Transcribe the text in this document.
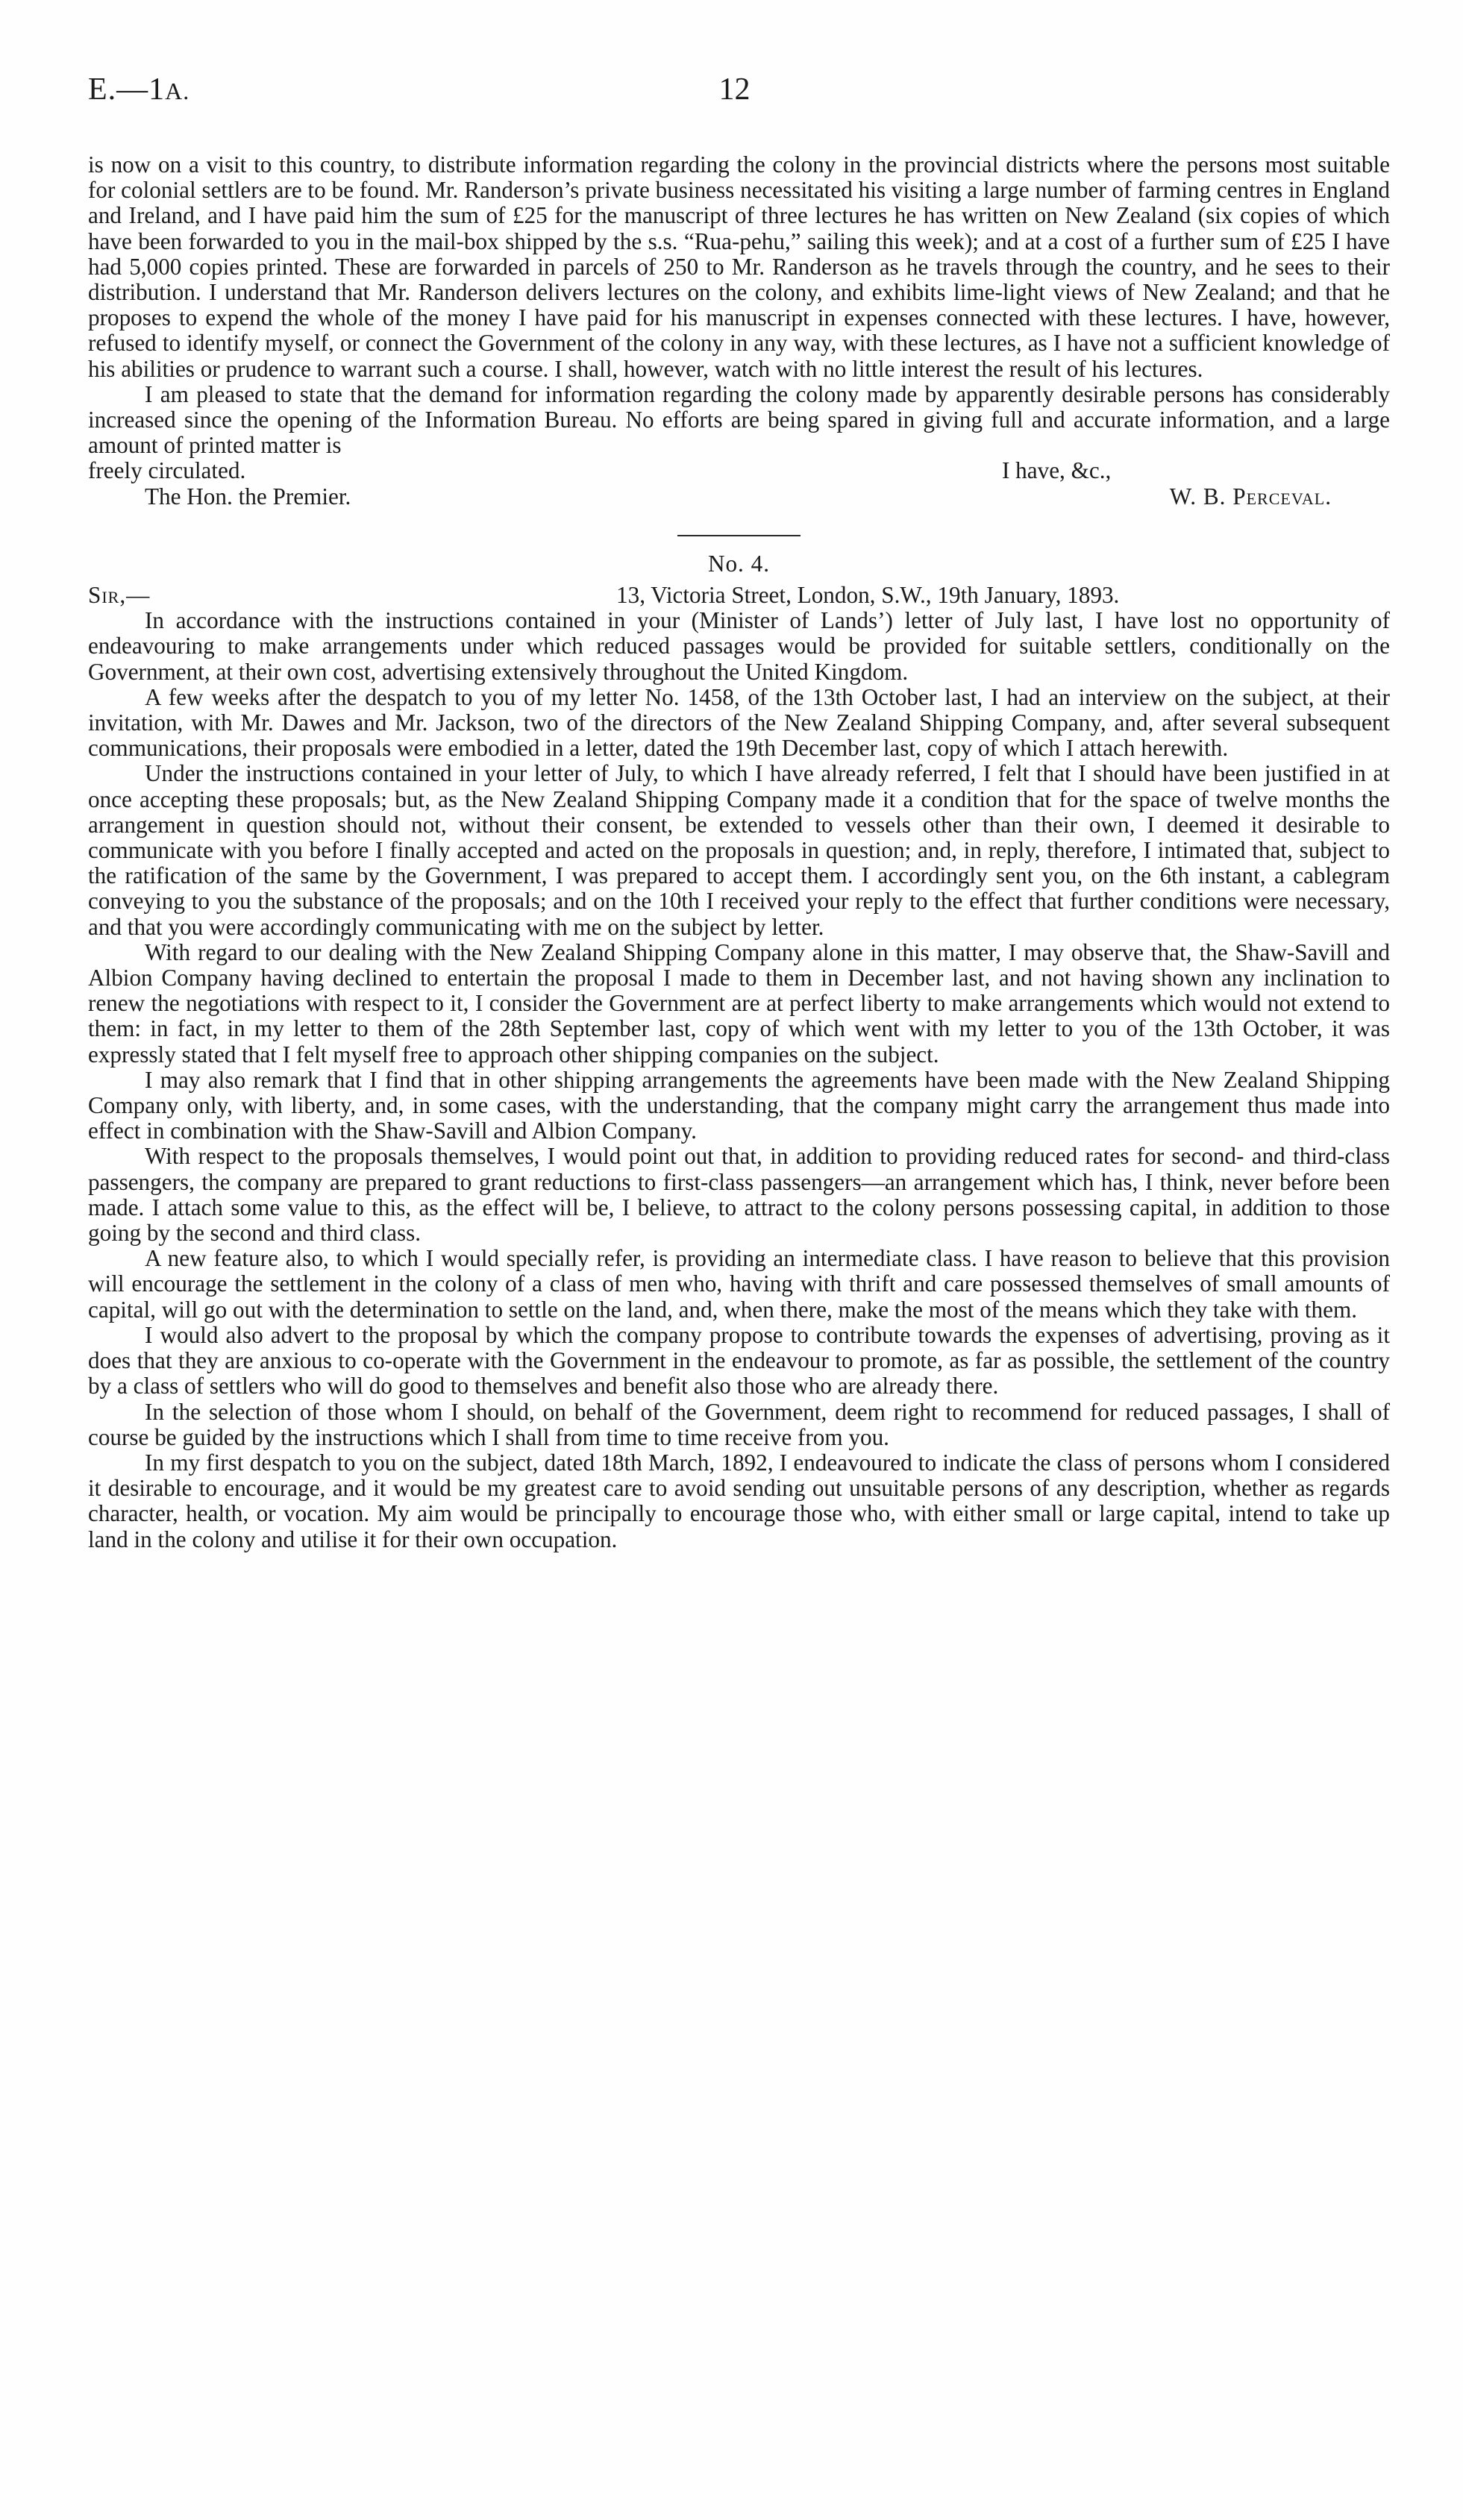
E.—1A.	12

is now on a visit to this country, to distribute information regarding the colony in the provincial districts where the persons most suitable for colonial settlers are to be found. Mr. Randerson’s private business necessitated his visiting a large number of farming centres in England and Ireland, and I have paid him the sum of £25 for the manuscript of three lectures he has written on New Zealand (six copies of which have been forwarded to you in the mail-box shipped by the s.s. “Rua-pehu,” sailing this week); and at a cost of a further sum of £25 I have had 5,000 copies printed. These are forwarded in parcels of 250 to Mr. Randerson as he travels through the country, and he sees to their distribution. I understand that Mr. Randerson delivers lectures on the colony, and exhibits lime-light views of New Zealand; and that he proposes to expend the whole of the money I have paid for his manuscript in expenses connected with these lectures. I have, however, refused to identify myself, or connect the Government of the colony in any way, with these lectures, as I have not a sufficient knowledge of his abilities or prudence to warrant such a course. I shall, however, watch with no little interest the result of his lectures.

I am pleased to state that the demand for information regarding the colony made by apparently desirable persons has considerably increased since the opening of the Information Bureau. No efforts are being spared in giving full and accurate information, and a large amount of printed matter is

freely circulated.	I have, &c.,
The Hon. the Premier.	W. B. Perceval.
No. 4.
Sir,—	13, Victoria Street, London, S.W., 19th January, 1893.

In accordance with the instructions contained in your (Minister of Lands’) letter of July last, I have lost no opportunity of endeavouring to make arrangements under which reduced passages would be provided for suitable settlers, conditionally on the Government, at their own cost, advertising extensively throughout the United Kingdom.

A few weeks after the despatch to you of my letter No. 1458, of the 13th October last, I had an interview on the subject, at their invitation, with Mr. Dawes and Mr. Jackson, two of the directors of the New Zealand Shipping Company, and, after several subsequent communications, their proposals were embodied in a letter, dated the 19th December last, copy of which I attach herewith.

Under the instructions contained in your letter of July, to which I have already referred, I felt that I should have been justified in at once accepting these proposals; but, as the New Zealand Shipping Company made it a condition that for the space of twelve months the arrangement in question should not, without their consent, be extended to vessels other than their own, I deemed it desirable to communicate with you before I finally accepted and acted on the proposals in question; and, in reply, therefore, I intimated that, subject to the ratification of the same by the Government, I was prepared to accept them. I accordingly sent you, on the 6th instant, a cablegram conveying to you the substance of the proposals; and on the 10th I received your reply to the effect that further conditions were necessary, and that you were accordingly communicating with me on the subject by letter.

With regard to our dealing with the New Zealand Shipping Company alone in this matter, I may observe that, the Shaw-Savill and Albion Company having declined to entertain the proposal I made to them in December last, and not having shown any inclination to renew the negotiations with respect to it, I consider the Government are at perfect liberty to make arrangements which would not extend to them: in fact, in my letter to them of the 28th September last, copy of which went with my letter to you of the 13th October, it was expressly stated that I felt myself free to approach other shipping companies on the subject.

I may also remark that I find that in other shipping arrangements the agreements have been made with the New Zealand Shipping Company only, with liberty, and, in some cases, with the understanding, that the company might carry the arrangement thus made into effect in combination with the Shaw-Savill and Albion Company.

With respect to the proposals themselves, I would point out that, in addition to providing reduced rates for second- and third-class passengers, the company are prepared to grant reductions to first-class passengers—an arrangement which has, I think, never before been made. I attach some value to this, as the effect will be, I believe, to attract to the colony persons possessing capital, in addition to those going by the second and third class.

A new feature also, to which I would specially refer, is providing an intermediate class. I have reason to believe that this provision will encourage the settlement in the colony of a class of men who, having with thrift and care possessed themselves of small amounts of capital, will go out with the determination to settle on the land, and, when there, make the most of the means which they take with them.

I would also advert to the proposal by which the company propose to contribute towards the expenses of advertising, proving as it does that they are anxious to co-operate with the Government in the endeavour to promote, as far as possible, the settlement of the country by a class of settlers who will do good to themselves and benefit also those who are already there.

In the selection of those whom I should, on behalf of the Government, deem right to recommend for reduced passages, I shall of course be guided by the instructions which I shall from time to time receive from you.

In my first despatch to you on the subject, dated 18th March, 1892, I endeavoured to indicate the class of persons whom I considered it desirable to encourage, and it would be my greatest care to avoid sending out unsuitable persons of any description, whether as regards character, health, or vocation. My aim would be principally to encourage those who, with either small or large capital, intend to take up land in the colony and utilise it for their own occupation.
